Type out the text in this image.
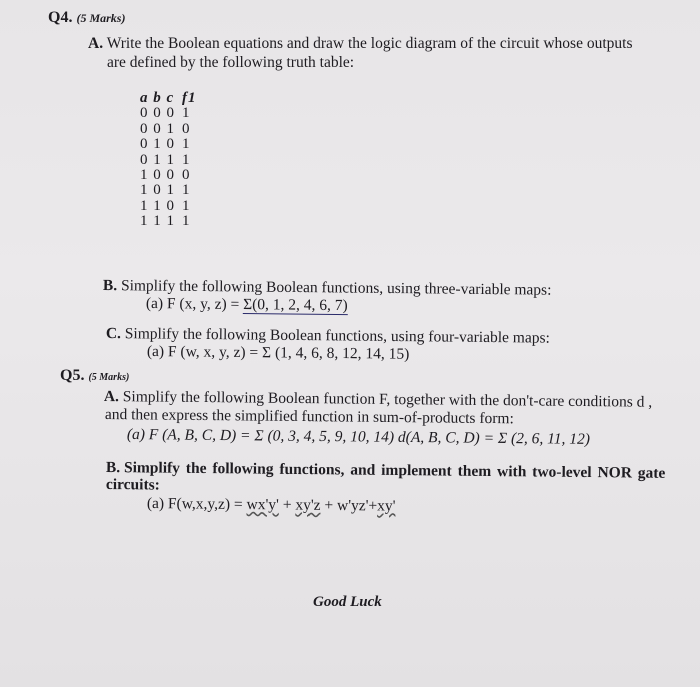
Q4. (5 Marks)
A. Write the Boolean equations and draw the logic diagram of the circuit whose outputs
are defined by the following truth table:
a b c f1
0 0 0 1
0 0 1 0
0 1 0 1
0 1 1 1
1 0 0 0
1 0 1 1
1 1 0 1
1 1 1 1
B. Simplify the following Boolean functions, using three-variable maps:
(a) F (x, y, z) = Σ(0, 1, 2, 4, 6, 7)
C. Simplify the following Boolean functions, using four-variable maps:
(a) F (w, x, y, z) = Σ (1, 4, 6, 8, 12, 14, 15)
Q5. (5 Marks)
A. Simplify the following Boolean function F, together with the don't-care conditions d ,
and then express the simplified function in sum-of-products form:
(a) F (A, B, C, D) = Σ (0, 3, 4, 5, 9, 10, 14) d(A, B, C, D) = Σ (2, 6, 11, 12)
B. Simplify the following functions, and implement them with two-level NOR gate
circuits:
(a) F(w,x,y,z) = wx'y' + xy'z + w'yz'+xy'
Good Luck
